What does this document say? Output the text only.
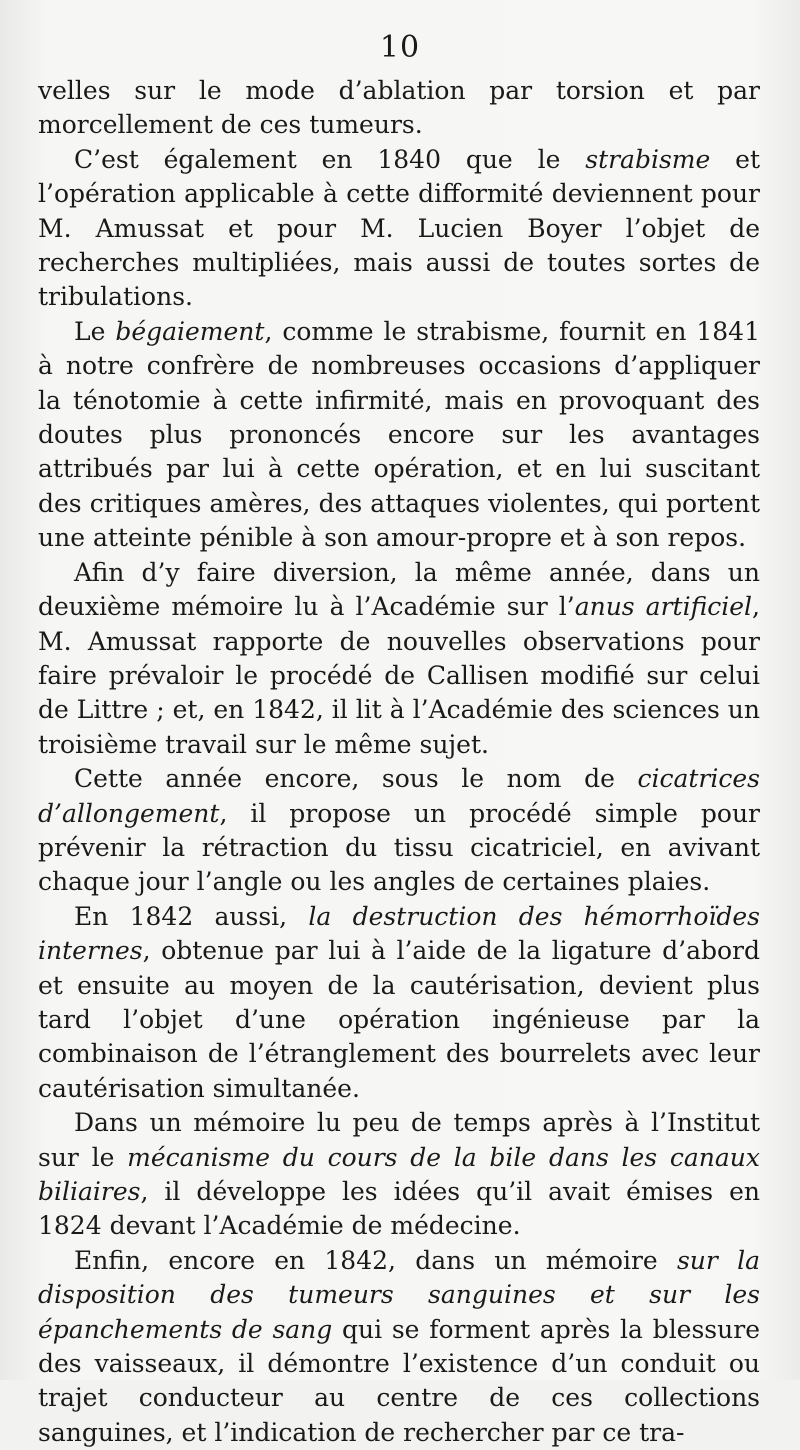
10

velles sur le mode d’ablation par torsion et par morcellement de ces tumeurs.

C’est également en 1840 que le strabisme et l’opération applicable à cette difformité deviennent pour M. Amussat et pour M. Lucien Boyer l’objet de recherches multipliées, mais aussi de toutes sortes de tribulations.

Le bégaiement, comme le strabisme, fournit en 1841 à notre confrère de nombreuses occasions d’appliquer la ténotomie à cette infirmité, mais en provoquant des doutes plus prononcés encore sur les avantages attribués par lui à cette opération, et en lui suscitant des critiques amères, des attaques violentes, qui portent une atteinte pénible à son amour-propre et à son repos.

Afin d’y faire diversion, la même année, dans un deuxième mémoire lu à l’Académie sur l’anus artificiel, M. Amussat rapporte de nouvelles observations pour faire prévaloir le procédé de Callisen modifié sur celui de Littre ; et, en 1842, il lit à l’Académie des sciences un troisième travail sur le même sujet.

Cette année encore, sous le nom de cicatrices d’allongement, il propose un procédé simple pour prévenir la rétraction du tissu cicatriciel, en avivant chaque jour l’angle ou les angles de certaines plaies.

En 1842 aussi, la destruction des hémorrhoïdes internes, obtenue par lui à l’aide de la ligature d’abord et ensuite au moyen de la cautérisation, devient plus tard l’objet d’une opération ingénieuse par la combinaison de l’étranglement des bourrelets avec leur cautérisation simultanée.

Dans un mémoire lu peu de temps après à l’Institut sur le mécanisme du cours de la bile dans les canaux biliaires, il développe les idées qu’il avait émises en 1824 devant l’Académie de médecine.

Enfin, encore en 1842, dans un mémoire sur la disposition des tumeurs sanguines et sur les épanchements de sang qui se forment après la blessure des vaisseaux, il démontre l’existence d’un conduit ou trajet conducteur au centre de ces collections sanguines, et l’indication de rechercher par ce tra-
